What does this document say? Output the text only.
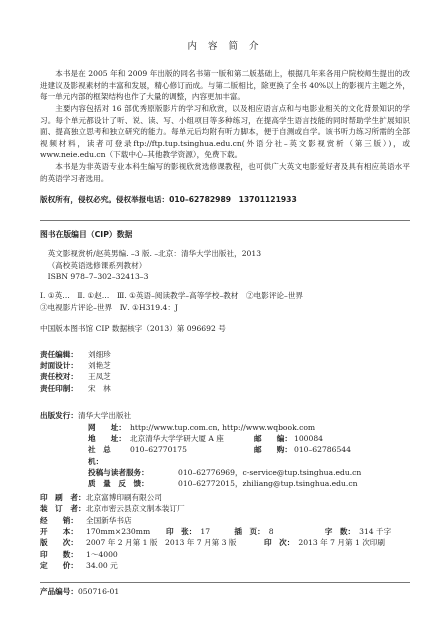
内 容 简 介

本书是在 2005 年和 2009 年出版的同名书第一版和第二版基础上，根据几年来各用户院校师生提出的改进建议及影视素材的丰富和发展，精心修订而成。与第二版相比，除更换了全书 40%以上的影视片主题之外，每一单元内部的框架结构也作了大量的调整，内容更加丰富。

主要内容包括对 16 部优秀原版影片的学习和欣赏，以及相应语言点和与电影业相关的文化背景知识的学习。每个单元都设计了听、说、读、写、小组项目等多种练习，在提高学生语言技能的同时帮助学生扩展知识面、提高独立思考和独立研究的能力。每单元后均附有听力脚本，便于自测或自学。该书听力练习所需的全部视频材料，读者可登录ftp://ftp.tup.tsinghua.edu.cn(外语分社–英文影视赏析（第三版）)，或 www.neie.edu.cn（下载中心–其他教学资源），免费下载。

本书是为非英语专业本科生编写的影视欣赏选修课教程，也可供广大英文电影爱好者及具有相应英语水平的英语学习者选用。

版权所有，侵权必究。侵权举报电话：010–62782989　13701121933
图书在版编目（CIP）数据

英文影视赏析/赵英男编. –3 版. –北京：清华大学出版社，2013

（高校英语选修课系列教材）

ISBN 978–7–302–32413–3

Ⅰ. ①英…　Ⅱ. ①赵…　Ⅲ. ①英语–阅读教学–高等学校–教材　②电影评论–世界

③电视影片评论–世界　Ⅳ. ①H319.4：J

中国版本图书馆 CIP 数据核字（2013）第 096692 号

责任编辑：	刘细珍
封面设计：	刘艳芝
责任校对：	王凤芝
责任印制：	宋　林
出版发行： 清华大学出版社
网　　址： http://www.tup.com.cn, http://www.wqbook.com
地　　址： 北京清华大学学研大厦 A 座	邮　　编： 100084
社　总　机：
010–62770175	邮　　购： 010–62786544
投稿与读者服务：	010–62776969，c-service@tup.tsinghua.edu.cn
质　量　反　馈：	010–62772015，zhiliang@tup.tsinghua.edu.cn
印　刷　者： 北京富博印刷有限公司
装　订　者： 北京市密云县京文制本装订厂
经　　销：	全国新华书店
开　　本：	170mm×230mm	印　张： 17	插　页： 8	字　数： 314 千字
版　　次：	2007 年 2 月第 1 版　2013 年 7 月第 3 版	印　次： 2013 年 7 月第 1 次印刷
印　　数：	1～4000
定　　价：	34.00 元
产品编号：050716-01
